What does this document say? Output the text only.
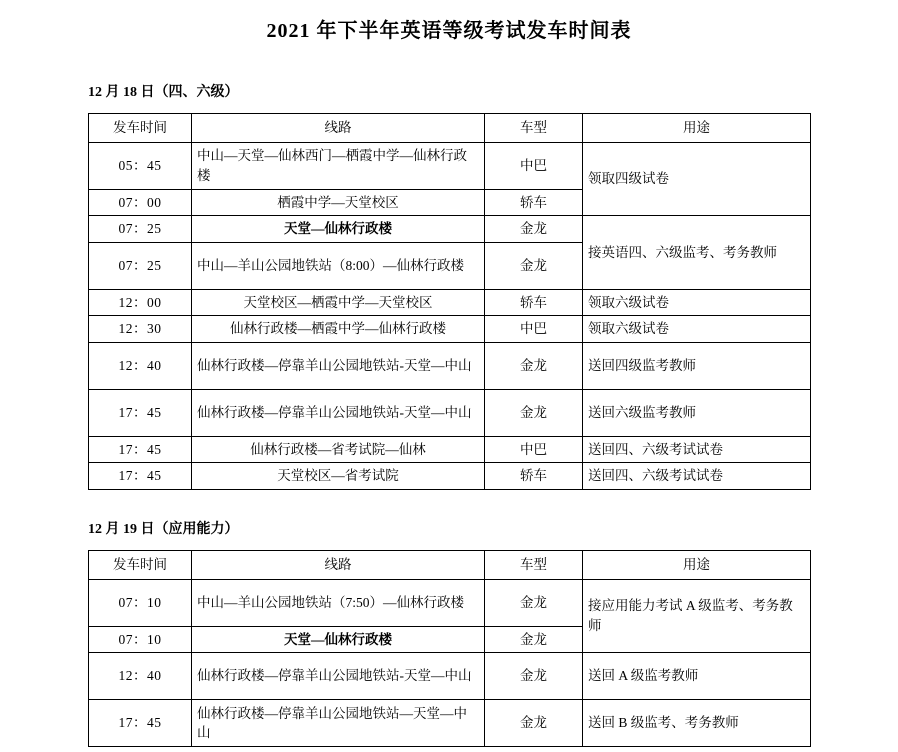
2021 年下半年英语等级考试发车时间表
12 月 18 日（四、六级）
发车时间	线路	车型	用途
05：45	中山—天堂—仙林西门—栖霞中学—仙林行政楼	中巴	领取四级试卷
07：00	栖霞中学—天堂校区	轿车	
07：25	天堂—仙林行政楼	金龙	接英语四、六级监考、考务教师
07：25	中山—羊山公园地铁站（8:00）—仙林行政楼	金龙	
12：00	天堂校区—栖霞中学—天堂校区	轿车	领取六级试卷
12：30	仙林行政楼—栖霞中学—仙林行政楼	中巴	领取六级试卷
12：40	仙林行政楼—停靠羊山公园地铁站-天堂—中山	金龙	送回四级监考教师
17：45	仙林行政楼—停靠羊山公园地铁站-天堂—中山	金龙	送回六级监考教师
17：45	仙林行政楼—省考试院—仙林	中巴	送回四、六级考试试卷
17：45	天堂校区—省考试院	轿车	送回四、六级考试试卷
12 月 19 日（应用能力）
发车时间	线路	车型	用途
07：10	中山—羊山公园地铁站（7:50）—仙林行政楼	金龙	接应用能力考试 A 级监考、考务教师
07：10	天堂—仙林行政楼	金龙	
12：40	仙林行政楼—停靠羊山公园地铁站-天堂—中山	金龙	送回 A 级监考教师
17：45	仙林行政楼—停靠羊山公园地铁站—天堂—中山	金龙	送回 B 级监考、考务教师
